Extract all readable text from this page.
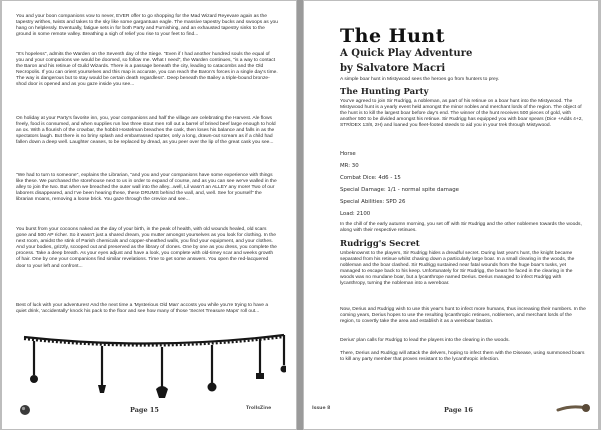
You and your boon companions vow to never, EVER offer to go shopping for the Mad Wizard Reyevare again as the tapestry writhes, twists and takes to the sky like some gargantuan eagle. The massive tapestry bucks and swoops as you hang on helplessly. Eventually, fatigue sets in for both Party and Furnishing, and an exhausted tapestry sinks to the ground in some remote valley. Breathing a sigh of relief you rise to your feet to find...

"It's hopeless", admits the Warden on the Seventh day of the Siege. "Even if I had another hundred souls the equal of you and your companions we would be doomed, so follow me. What I need", the Warden continues, "is a way to contact the Baron and his retinue of Guild Wizards. There is a passage beneath the city, leading to catacombs and the Old Necropolis. If you can orient yourselves and this map is accurate, you can reach the Baron's forces in a single day's time. The way is dangerous but to stay would be certain death regardless". Deep beneath the Bailey a triple-bound bronze-shod door is opened and as you gaze inside you see...

On holiday at your Party's favorite inn, you, your companions and half the village are celebrating the Harvest. Ale flows freely, food is consumed, and when supplies run low three stout men roll out a barrel of brined beef large enough to hold an ox. With a flourish of the crowbar, the hobbit Hostelman breaches the cask, then loses his balance and falls in as the spectators laugh. But there is no briny splash and embarrassed sputter, only a long, drawn-out scream as if a child had fallen down a deep well. Laughter ceases, to be replaced by dread, as you peer over the lip of the great cask you see...

"We had to turn to someone", explains the Librarian, "and you and your companions have some experience with things like these. We purchased the storehouse next to us in order to expand of course, and as you can see we've walled in the alley to join the two. But when we breached the outer wall into the alley...well, Lil wasn't an ALLEY any more! Two of our laborers disappeared, and I've been hearing these, these DRUMS behind the wall, and, well. See for yourself" the librarian moans, removing a loose brick. You gaze through the crevice and see...

You burst from your cocoons naked as the day of your birth, in the peak of health, with old wounds healed, old scars gone and 500 AP richer. So it wasn't just a shared dream, you mutter amongst yourselves as you look for clothing. In the next room, amidst the stink of Parish chemicals and copper-sheathed walls, you find your equipment, and your clothes. And your bodies, grizzly, scooped out and preserved as the library of clones. One by one as you dress, you complete the process. Take a deep breath. As your eyes adjust and have a look, you complete with old-timey scar and weeks growth of hair. One by one your companions find similar revelations. Time to get some answers. You open the red-lacquered door to your left and confront...

Best of luck with your adventures! And the next time a 'Mysterious Old Man' accosts you while you're trying to have a quiet drink, 'accidentally' knock his pack to the floor and see how many of those 'Secret Treasure Maps' roll out...

Page 15	TrollsZine

The Hunt
A Quick Play Adventure
by Salvatore Macri

A simple boar hunt in Mistywood sees the heroes go from hunters to prey.

The Hunting Party

You've agreed to join Sir Rudrigg, a nobleman, as part of his retinue on a boar hunt into the Mistywood. The Mistywood hunt is a yearly event held amongst the minor nobles and merchant lords of the region. The object of the hunt is to kill the largest boar before day's end. The winner of the hunt receives 500 pieces of gold, with another 500 to be divided amongst his retinue. Sir Rudrigg has equipped you with boar spears (Dice +Adds 4+2, STR/DEX 13/8, 2H) and loaned you fleet-footed steeds to aid you in your trek through Mistywood.

Horse

MR: 30

Combat Dice: 4d6 - 15

Special Damage: 1/1 - normal spite damage

Special Abilities: SPD 26

Load: 2100

In the chill of the early autumn morning, you set off with Sir Rudrigg and the other noblemen towards the woods, along with their respective retinues.

Rudrigg's Secret

Unbeknownst to the players, Sir Rudrigg hides a dreadful secret. During last year's hunt, the knight became separated from his retinue whilst chasing down a particularly large boar. In a small clearing in the woods, the nobleman and the boar clashed. Sir Rudrigg sustained near fatal wounds from the huge boar's tusks, yet managed to escape back to his keep. Unfortunately for Sir Rudrigg, the beast he faced in the clearing in the woods was no mundane boar, but a lycanthrope named Derius. Derius managed to infect Rudrigg with lycanthropy, turning the nobleman into a wereboar.

Now, Derius and Rudrigg wish to use this year's hunt to infect more humans, thus increasing their numbers. In the coming years, Derius hopes to use the resulting lycanthropic retinues, noblemen, and merchant lords of the region, to covertly take the area and establish it as a wereboar bastion.

Derius' plan calls for Rudrigg to lead the players into the clearing in the woods.

There, Derius and Rudrigg will attack the delvers, hoping to infect them with the Disease, using summoned boars to kill any party member that proves resistant to the lycanthropic infection.

Issue 8	Page 16
